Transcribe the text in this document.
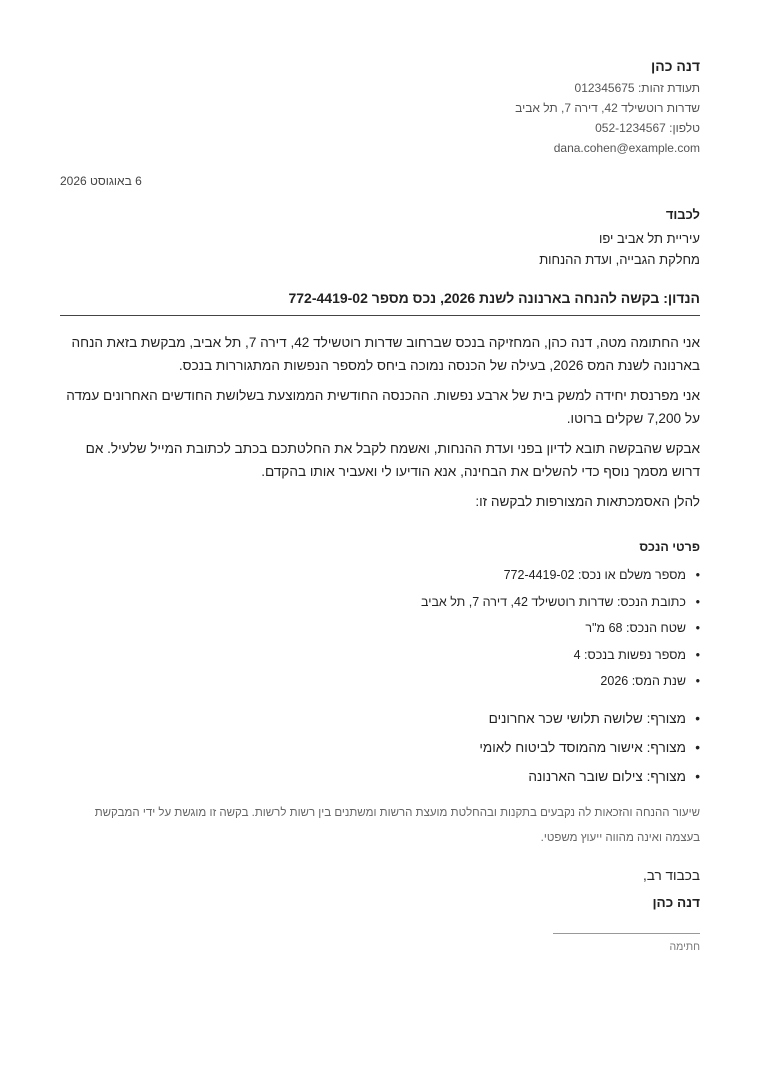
דנה כהן
תעודת זהות: 012345675
שדרות רוטשילד 42, דירה 7, תל אביב
טלפון: 052-1234567
dana.cohen@example.com
6 באוגוסט 2026
לכבוד
עיריית תל אביב יפו
מחלקת הגבייה, ועדת ההנחות
הנדון: בקשה להנחה בארנונה לשנת 2026, נכס מספר 772-4419-02

אני החתומה מטה, דנה כהן, המחזיקה בנכס שברחוב שדרות רוטשילד 42, דירה 7, תל אביב, מבקשת בזאת הנחה בארנונה לשנת המס 2026, בעילה של הכנסה נמוכה ביחס למספר הנפשות המתגוררות בנכס.

אני מפרנסת יחידה למשק בית של ארבע נפשות. ההכנסה החודשית הממוצעת בשלושת החודשים האחרונים עמדה על 7,200 שקלים ברוטו.

אבקש שהבקשה תובא לדיון בפני ועדת ההנחות, ואשמח לקבל את החלטתכם בכתב לכתובת המייל שלעיל. אם דרוש מסמך נוסף כדי להשלים את הבחינה, אנא הודיעו לי ואעביר אותו בהקדם.

להלן האסמכתאות המצורפות לבקשה זו:

פרטי הנכס
•
מספר משלם או נכס: 772-4419-02
•
כתובת הנכס: שדרות רוטשילד 42, דירה 7, תל אביב
•
שטח הנכס: 68 מ"ר
•
מספר נפשות בנכס: 4
•
שנת המס: 2026
•
מצורף: שלושה תלושי שכר אחרונים
•
מצורף: אישור מהמוסד לביטוח לאומי
•
מצורף: צילום שובר הארנונה
שיעור ההנחה והזכאות לה נקבעים בתקנות ובהחלטת מועצת הרשות ומשתנים בין רשות לרשות. בקשה זו מוגשת על ידי המבקשת בעצמה ואינה מהווה ייעוץ משפטי.
בכבוד רב,
דנה כהן
חתימה
